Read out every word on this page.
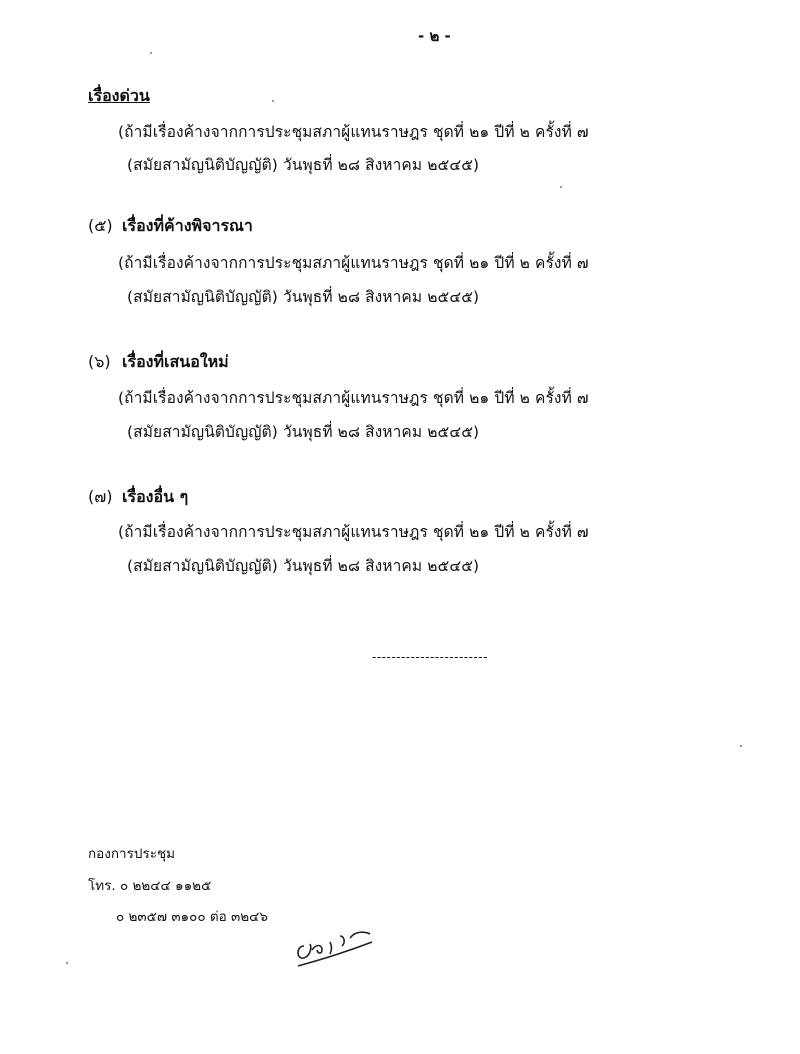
- ๒ -
เรื่องด่วน
(ถ้ามีเรื่องค้างจากการประชุมสภาผู้แทนราษฎร ชุดที่ ๒๑ ปีที่ ๒ ครั้งที่ ๗
(สมัยสามัญนิติบัญญัติ) วันพุธที่ ๒๘ สิงหาคม ๒๕๔๕)
(๕) เรื่องที่ค้างพิจารณา
(ถ้ามีเรื่องค้างจากการประชุมสภาผู้แทนราษฎร ชุดที่ ๒๑ ปีที่ ๒ ครั้งที่ ๗
(สมัยสามัญนิติบัญญัติ) วันพุธที่ ๒๘ สิงหาคม ๒๕๔๕)
(๖) เรื่องที่เสนอใหม่
(ถ้ามีเรื่องค้างจากการประชุมสภาผู้แทนราษฎร ชุดที่ ๒๑ ปีที่ ๒ ครั้งที่ ๗
(สมัยสามัญนิติบัญญัติ) วันพุธที่ ๒๘ สิงหาคม ๒๕๔๕)
(๗) เรื่องอื่น ๆ
(ถ้ามีเรื่องค้างจากการประชุมสภาผู้แทนราษฎร ชุดที่ ๒๑ ปีที่ ๒ ครั้งที่ ๗
(สมัยสามัญนิติบัญญัติ) วันพุธที่ ๒๘ สิงหาคม ๒๕๔๕)
------------------------
กองการประชุม
โทร. ๐ ๒๒๔๔ ๑๑๒๕
๐ ๒๓๕๗ ๓๑๐๐ ต่อ ๓๒๔๖
